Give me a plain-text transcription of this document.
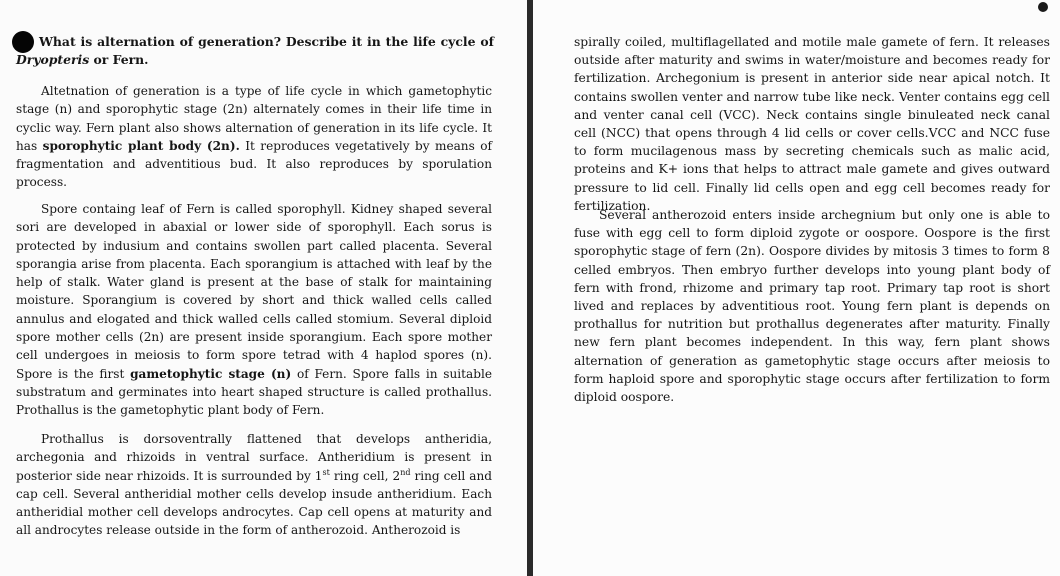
What is alternation of generation? Describe it in the life cycle of Dryopteris or Fern.

Altetnation of generation is a type of life cycle in which gametophytic stage (n) and sporophytic stage (2n) alternately comes in their life time in cyclic way. Fern plant also shows alternation of generation in its life cycle. It has sporophytic plant body (2n). It reproduces vegetatively by means of fragmentation and adventitious bud. It also reproduces by sporulation process.

Spore containg leaf of Fern is called sporophyll. Kidney shaped several sori are developed in abaxial or lower side of sporophyll. Each sorus is protected by indusium and contains swollen part called placenta. Several sporangia arise from placenta. Each sporangium is attached with leaf by the help of stalk. Water gland is present at the base of stalk for maintaining moisture. Sporangium is covered by short and thick walled cells called annulus and elogated and thick walled cells called stomium. Several diploid spore mother cells (2n) are present inside sporangium. Each spore mother cell undergoes in meiosis to form spore tetrad with 4 haplod spores (n). Spore is the first gametophytic stage (n) of Fern. Spore falls in suitable substratum and germinates into heart shaped structure is called prothallus. Prothallus is the gametophytic plant body of Fern.

Prothallus is dorsoventrally flattened that develops antheridia, archegonia and rhizoids in ventral surface. Antheridium is present in posterior side near rhizoids. It is surrounded by 1st ring cell, 2nd ring cell and cap cell. Several antheridial mother cells develop insude antheridium. Each antheridial mother cell develops androcytes. Cap cell opens at maturity and all androcytes release outside in the form of antherozoid. Antherozoid is

spirally coiled, multiflagellated and motile male gamete of fern. It releases outside after maturity and swims in water/moisture and becomes ready for fertilization. Archegonium is present in anterior side near apical notch. It contains swollen venter and narrow tube like neck. Venter contains egg cell and venter canal cell (VCC). Neck contains single binuleated neck canal cell (NCC) that opens through 4 lid cells or cover cells.VCC and NCC fuse to form mucilagenous mass by secreting chemicals such as malic acid, proteins and K+ ions that helps to attract male gamete and gives outward pressure to lid cell. Finally lid cells open and egg cell becomes ready for fertilization.

Several antherozoid enters inside archegnium but only one is able to fuse with egg cell to form diploid zygote or oospore. Oospore is the first sporophytic stage of fern (2n). Oospore divides by mitosis 3 times to form 8 celled embryos. Then embryo further develops into young plant body of fern with frond, rhizome and primary tap root. Primary tap root is short lived and replaces by adventitious root. Young fern plant is depends on prothallus for nutrition but prothallus degenerates after maturity. Finally new fern plant becomes independent. In this way, fern plant shows alternation of generation as gametophytic stage occurs after meiosis to form haploid spore and sporophytic stage occurs after fertilization to form diploid oospore.
